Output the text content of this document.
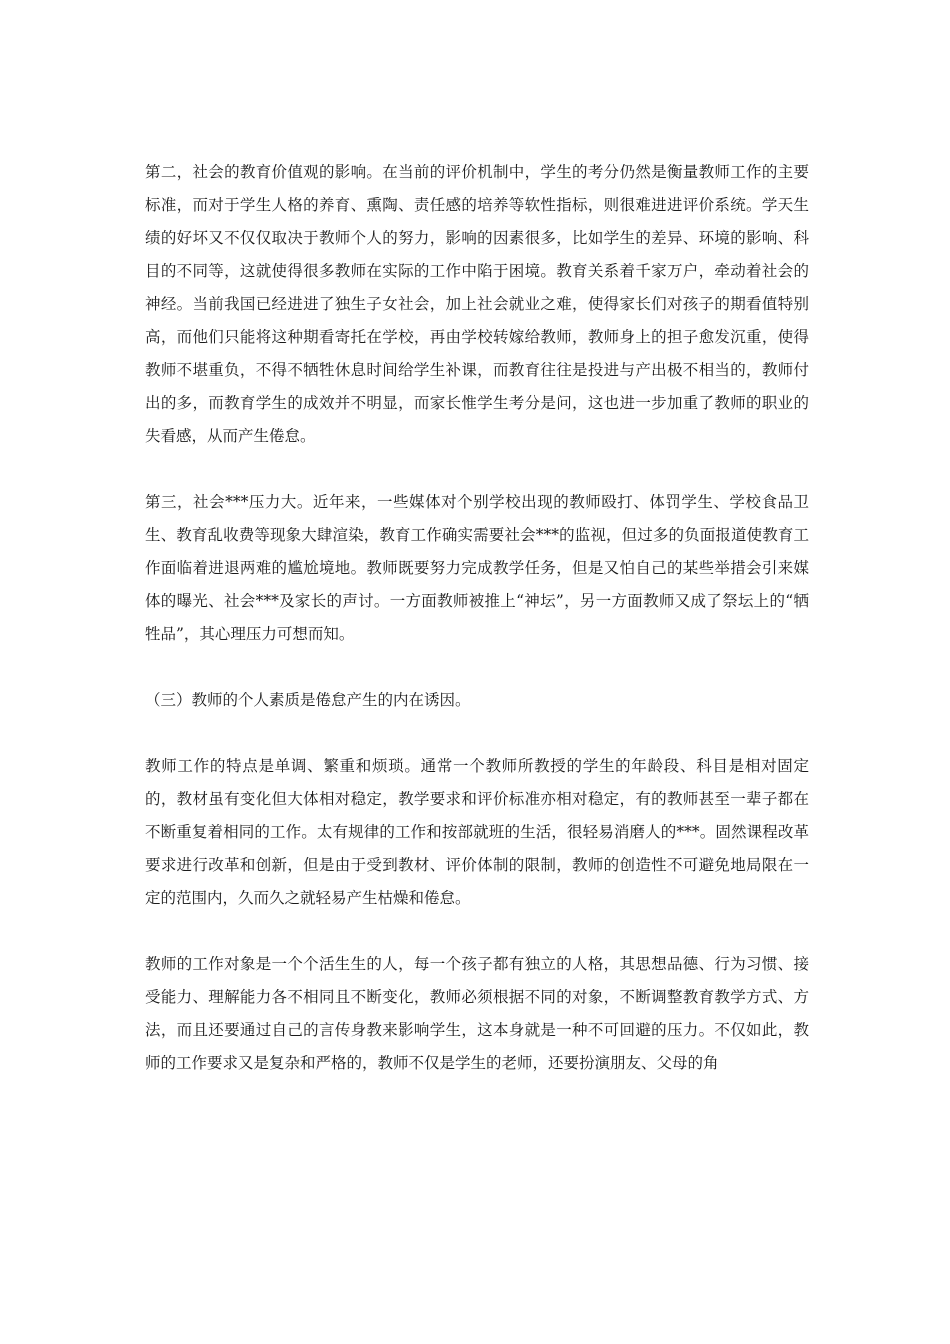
第二，社会的教育价值观的影响。在当前的评价机制中，学生的考分仍然是衡量教师工作的主要标准，而对于学生人格的养育、熏陶、责任感的培养等软性指标，则很难进进评价系统。学天生绩的好坏又不仅仅取决于教师个人的努力，影响的因素很多，比如学生的差异、环境的影响、科目的不同等，这就使得很多教师在实际的工作中陷于困境。教育关系着千家万户，牵动着社会的神经。当前我国已经进进了独生子女社会，加上社会就业之难，使得家长们对孩子的期看值特别高，而他们只能将这种期看寄托在学校，再由学校转嫁给教师，教师身上的担子愈发沉重，使得教师不堪重负，不得不牺牲休息时间给学生补课，而教育往往是投进与产出极不相当的，教师付出的多，而教育学生的成效并不明显，而家长惟学生考分是问，这也进一步加重了教师的职业的失看感，从而产生倦怠。

第三，社会***压力大。近年来，一些媒体对个别学校出现的教师殴打、体罚学生、学校食品卫生、教育乱收费等现象大肆渲染，教育工作确实需要社会***的监视，但过多的负面报道使教育工作面临着进退两难的尴尬境地。教师既要努力完成教学任务，但是又怕自己的某些举措会引来媒体的曝光、社会***及家长的声讨。一方面教师被推上“神坛”，另一方面教师又成了祭坛上的“牺牲品”，其心理压力可想而知。

（三）教师的个人素质是倦怠产生的内在诱因。

教师工作的特点是单调、繁重和烦琐。通常一个教师所教授的学生的年龄段、科目是相对固定的，教材虽有变化但大体相对稳定，教学要求和评价标准亦相对稳定，有的教师甚至一辈子都在不断重复着相同的工作。太有规律的工作和按部就班的生活，很轻易消磨人的***。固然课程改革要求进行改革和创新，但是由于受到教材、评价体制的限制，教师的创造性不可避免地局限在一定的范围内，久而久之就轻易产生枯燥和倦怠。

教师的工作对象是一个个活生生的人，每一个孩子都有独立的人格，其思想品德、行为习惯、接受能力、理解能力各不相同且不断变化，教师必须根据不同的对象，不断调整教育教学方式、方法，而且还要通过自己的言传身教来影响学生，这本身就是一种不可回避的压力。不仅如此，教师的工作要求又是复杂和严格的，教师不仅是学生的老师，还要扮演朋友、父母的角
